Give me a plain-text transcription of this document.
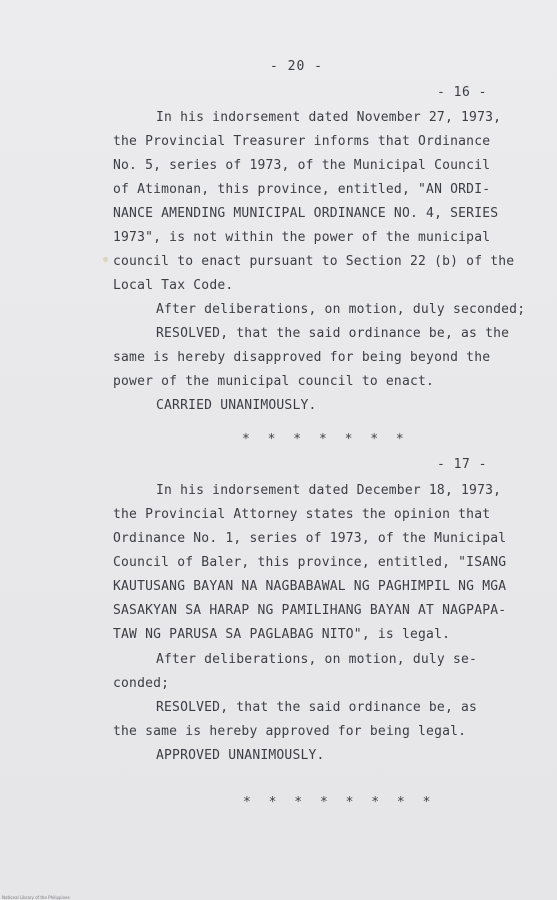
- 20 -
- 16 -
In his indorsement dated November 27, 1973,
the Provincial Treasurer informs that Ordinance
No. 5, series of 1973, of the Municipal Council
of Atimonan, this province, entitled, "AN ORDI-
NANCE AMENDING MUNICIPAL ORDINANCE NO. 4, SERIES
1973", is not within the power of the municipal
council to enact pursuant to Section 22 (b) of the
Local Tax Code.
After deliberations, on motion, duly seconded;
RESOLVED, that the said ordinance be, as the
same is hereby disapproved for being beyond the
power of the municipal council to enact.
CARRIED UNANIMOUSLY.
* * * * * * *
- 17 -
In his indorsement dated December 18, 1973,
the Provincial Attorney states the opinion that
Ordinance No. 1, series of 1973, of the Municipal
Council of Baler, this province, entitled, "ISANG
KAUTUSANG BAYAN NA NAGBABAWAL NG PAGHIMPIL NG MGA
SASAKYAN SA HARAP NG PAMILIHANG BAYAN AT NAGPAPA-
TAW NG PARUSA SA PAGLABAG NITO", is legal.
After deliberations, on motion, duly se-
conded;
RESOLVED, that the said ordinance be, as
the same is hereby approved for being legal.
APPROVED UNANIMOUSLY.
* * * * * * * *
National Library of the Philippines
